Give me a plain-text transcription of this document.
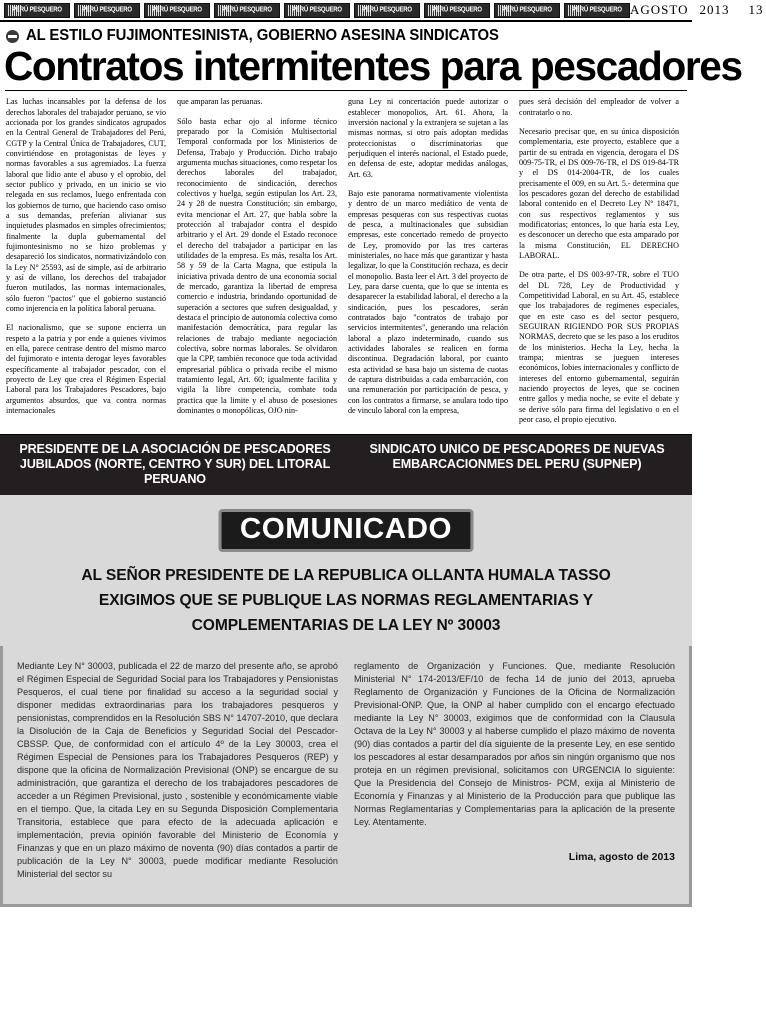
PERÚ PESQUERO	PERÚ PESQUERO	PERÚ PESQUERO	PERÚ PESQUERO	PERÚ PESQUERO	PERÚ PESQUERO	PERÚ PESQUERO	PERÚ PESQUERO	PERÚ PESQUERO AGOSTO 2013	13
AL ESTILO FUJIMONTESINISTA, GOBIERNO ASESINA SINDICATOS
Contratos intermitentes para pescadores

Las luchas incansables por la defensa de los derechos laborales del trabajador peruano, se vio accionada por los grandes sindicatos agrupados en la Central General de Trabajadores del Perú, CGTP y la Central Única de Trabajadores, CUT, convirtiéndose en protagonistas de leyes y normas favorables a sus agremiados. La fuerza laboral que lidio ante el abuso y el oprobio, del sector publico y privado, en un inicio se vio relegada en sus reclamos, luego enfrentada con los gobiernos de turno, que haciendo caso omiso a sus demandas, preferían alivianar sus inquietudes plasmados en simples ofrecimientos; finalmente la dupla gubernamental del fujimontesinismo no se hizo problemas y desapareció los sindicatos, normativizándolo con la Ley N° 25593, así de simple, así de arbitrario y así de villano, los derechos del trabajador fueron mutilados, las normas internacionales, sólo fueron "pactos" que el gobierno sustanció como injerencia en la política laboral peruana.

El nacionalismo, que se supone encierra un respeto a la patria y por ende a quienes vivimos en ella, parece centrase dentro del mismo marco del fujimorato e intenta derogar leyes favorables específicamente al trabajador pescador, con el proyecto de Ley que crea el Régimen Especial Laboral para los Trabajadores Pescadores, bajo argumentos absurdos, que va contra normas internacionales

que amparan las peruanas.

Sólo basta echar ojo al informe técnico preparado por la Comisión Multisectorial Temporal conformada por los Ministerios de Defensa, Trabajo y Producción. Dicho trabajo argumenta muchas situaciones, como respetar los derechos laborales del trabajador, reconocimiento de sindicación, derechos colectivos y huelga, según estipulan los Art. 23, 24 y 28 de nuestra Constitución; sin embargo, evita mencionar el Art. 27, que habla sobre la protección al trabajador contra el despido arbitrario y el Art. 29 donde el Estado reconoce el derecho del trabajador a participar en las utilidades de la empresa. Es más, resalta los Art. 58 y 59 de la Carta Magna, que estipula la iniciativa privada dentro de una economía social de mercado, garantiza la libertad de empresa comercio e industria, brindando oportunidad de superación a sectores que sufren desigualdad, y destaca el principio de autonomía colectiva como manifestación democrática, para regular las relaciones de trabajo mediante negociación colectiva, sobre normas laborales. Se olvidaron que la CPP, también reconoce que toda actividad empresarial pública o privada recibe el mismo tratamiento legal, Art. 60; igualmente facilita y vigila la libre competencia, combate toda practica que la limite y el abuso de posesiones dominantes o monopólicas, OJO nin-

guna Ley ni concertación puede autorizar o establecer monopolios, Art. 61. Ahora, la inversión nacional y la extranjera se sujetan a las mismas normas, si otro país adoptan medidas proteccionistas o discriminatorias que perjudiquen el interés nacional, el Estado puede, en defensa de este, adoptar medidas análogas, Art. 63.

Bajo este panorama normativamente violentista y dentro de un marco mediático de venta de empresas pesqueras con sus respectivas cuotas de pesca, a multinacionales que subsidian empresas, este concertado remedo de proyecto de Ley, promovido por las tres carteras ministeriales, no hace más que garantizar y hasta legalizar, lo que la Constitución rechaza, es decir el monopolio. Basta leer el Art. 3 del proyecto de Ley, para darse cuenta, que lo que se intenta es desaparecer la estabilidad laboral, el derecho a la sindicación, pues los pescadores, serán contratados bajo "contratos de trabajo por servicios intermitentes", generando una relación laboral a plazo indeterminado, cuando sus actividades laborales se realicen en forma discontinua. Degradación laboral, por cuanto esta actividad se basa bajo un sistema de cuotas de captura distribuidas a cada embarcación, con una remuneración por participación de pesca, y con los contratos a firmarse, se anulara todo tipo de vinculo laboral con la empresa,

pues será decisión del empleador de volver a contratarlo o no.

Necesario precisar que, en su única disposición complementaria, este proyecto, establece que a partir de su entrada en vigencia, derogara el DS 009-75-TR, el DS 009-76-TR, el DS 019-84-TR y el DS 014-2004-TR, de los cuales precisamente el 009, en su Art. 5.- determina que los pescadores gozan del derecho de estabilidad laboral contenido en el Decreto Ley N° 18471, con sus respectivos reglamentos y sus modificatorias; entonces, lo que haría esta Ley, es desconocer un derecho que esta amparado por la misma Constitución, EL DERECHO LABORAL.

De otra parte, el DS 003-97-TR, sobre el TUO del DL 728, Ley de Productividad y Competitividad Laboral, en su Art. 45, establece que los trabajadores de regimenes especiales, que en este caso es del sector pesquero, SEGUIRAN RIGIENDO POR SUS PROPIAS NORMAS, decreto que se les paso a los eruditos de los ministerios. Hecha la Ley, hecha la trampa; mientras se jueguen intereses económicos, lobies internacionales y conflicto de intereses del entorno gubernamental, seguirán naciendo proyectos de leyes, que se cocinen entre gallos y media noche, se evite el debate y se derive sólo para firma del legislativo o en el peor caso, el propio ejecutivo.

PRESIDENTE DE LA ASOCIACIÓN DE PESCADORES JUBILADOS (NORTE, CENTRO Y SUR) DEL LITORAL PERUANO
SINDICATO UNICO DE PESCADORES DE NUEVAS EMBARCACIONMES DEL PERU (SUPNEP)
COMUNICADO
AL SEÑOR PRESIDENTE DE LA REPUBLICA OLLANTA HUMALA TASSO
EXIGIMOS QUE SE PUBLIQUE LAS NORMAS REGLAMENTARIAS Y
COMPLEMENTARIAS DE LA LEY Nº 30003

Mediante Ley N° 30003, publicada el 22 de marzo del presente año, se aprobó el Régimen Especial de Seguridad Social para los Trabajadores y Pensionistas Pesqueros, el cual tiene por finalidad su acceso a la seguridad social y disponer medidas extraordinarias para los trabajadores pesqueros y pensionistas, comprendidos en la Resolución SBS N° 14707-2010, que declara la Disolución de la Caja de Beneficios y Seguridad Social del Pescador-CBSSP. Que, de conformidad con el artículo 4º de la Ley 30003, crea el Régimen Especial de Pensiones para los Trabajadores Pesqueros (REP) y dispone que la oficina de Normalización Previsional (ONP) se encargue de su administración, que garantiza el derecho de los trabajadores pescadores de acceder a un Régimen Previsional, justo , sostenible y económicamente viable en el tiempo. Que, la citada Ley en su Segunda Disposición Complementaria Transitoria, establece que para efecto de la adecuada aplicación e implementación, previa opinión favorable del Ministerio de Economía y Finanzas y que en un plazo máximo de noventa (90) días contados a partir de publicación de la Ley N° 30003, puede modificar mediante Resolución Ministerial del sector su

reglamento de Organización y Funciones. Que, mediante Resolución Ministerial N° 174-2013/EF/10 de fecha 14 de junio del 2013, aprueba Reglamento de Organización y Funciones de la Oficina de Normalización Previsional-ONP. Que, la ONP al haber cumplido con el encargo efectuado mediante la Ley N° 30003, exigimos que de conformidad con la Clausula Octava de la Ley N° 30003 y al haberse cumplido el plazo máximo de noventa (90) dias contados a partir del día siguiente de la presente Ley, en ese sentido los pescadores al estar desamparados por años sin ningún organismo que nos proteja en un régimen previsional, solicitamos con URGENCIA lo siguiente: Que la Presidencia del Consejo de Ministros- PCM, exija al Ministerio de Economía y Finanzas y al Ministerio de la Producción para que publique las Normas Reglamentarias y Complementarias para la aplicación de la presente Ley. Atentamente.

Lima, agosto de 2013
